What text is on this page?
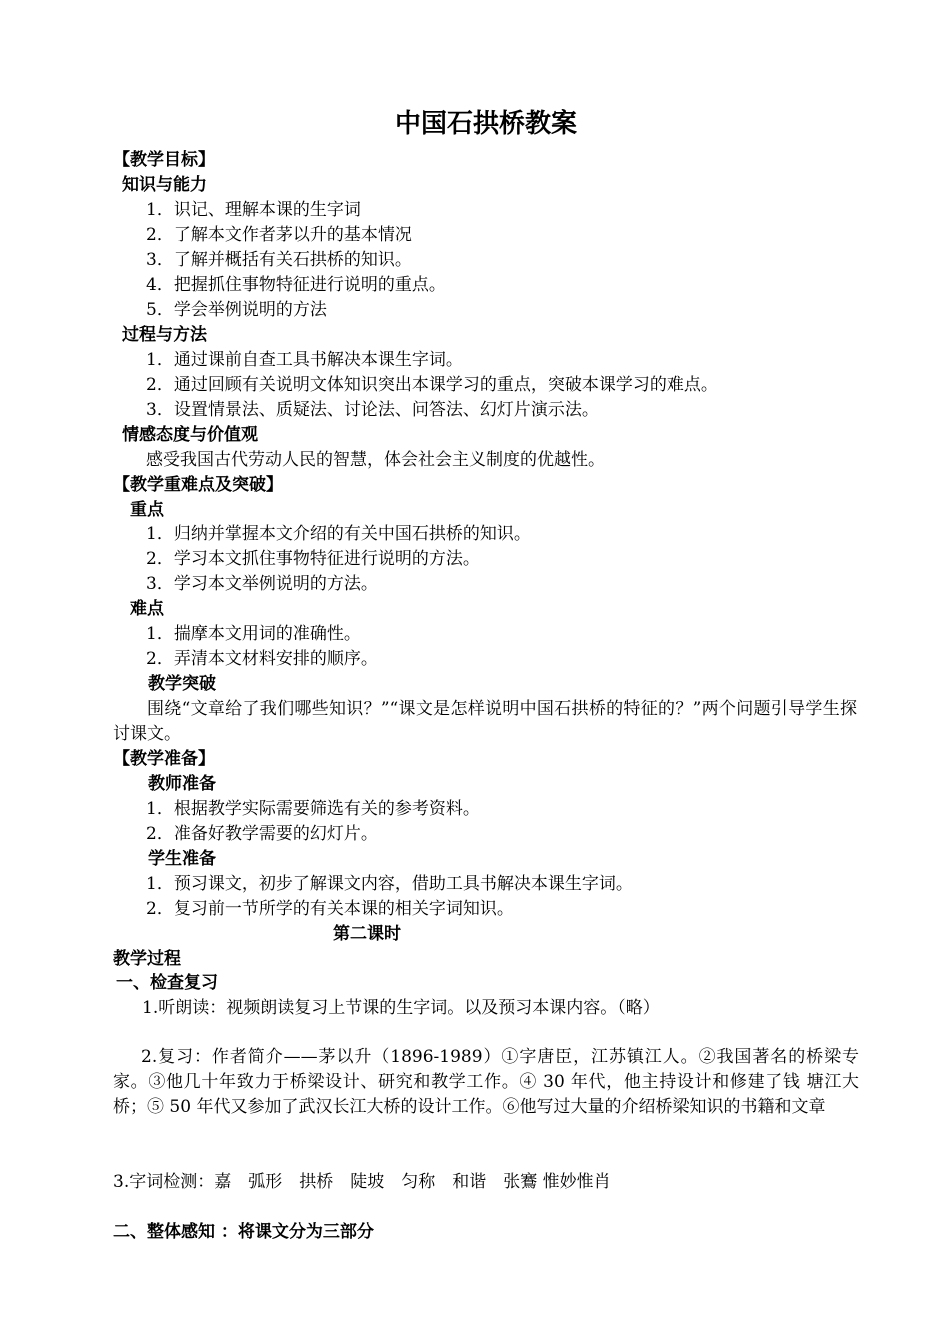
中国石拱桥教案
【教学目标】
知识与能力
1．识记、理解本课的生字词
2．了解本文作者茅以升的基本情况
3．了解并概括有关石拱桥的知识。
4．把握抓住事物特征进行说明的重点。
5．学会举例说明的方法
过程与方法
1．通过课前自查工具书解决本课生字词。
2．通过回顾有关说明文体知识突出本课学习的重点，突破本课学习的难点。
3．设置情景法、质疑法、讨论法、问答法、幻灯片演示法。
情感态度与价值观
感受我国古代劳动人民的智慧，体会社会主义制度的优越性。
【教学重难点及突破】
重点
1．归纳并掌握本文介绍的有关中国石拱桥的知识。
2．学习本文抓住事物特征进行说明的方法。
3．学习本文举例说明的方法。
难点
1．揣摩本文用词的准确性。
2．弄清本文材料安排的顺序。
教学突破
围绕“文章给了我们哪些知识？”“课文是怎样说明中国石拱桥的特征的？”两个问题引导学生探讨课文。
【教学准备】
教师准备
1．根据教学实际需要筛选有关的参考资料。
2．准备好教学需要的幻灯片。
学生准备
1．预习课文，初步了解课文内容，借助工具书解决本课生字词。
2．复习前一节所学的有关本课的相关字词知识。
第二课时
教学过程
一、检查复习
1.听朗读：视频朗读复习上节课的生字词。以及预习本课内容。（略）
2.复习：作者简介——茅以升（1896-1989）①字唐臣，江苏镇江人。②我国著名的桥梁专家。③他几十年致力于桥梁设计、研究和教学工作。④ 30 年代，他主持设计和修建了钱 塘江大桥；⑤ 50 年代又参加了武汉长江大桥的设计工作。⑥他写过大量的介绍桥梁知识的书籍和文章
3.字词检测：嘉　弧形　拱桥　陡坡　匀称　和谐　张鶱 惟妙惟肖
二、整体感知 ：将课文分为三部分
